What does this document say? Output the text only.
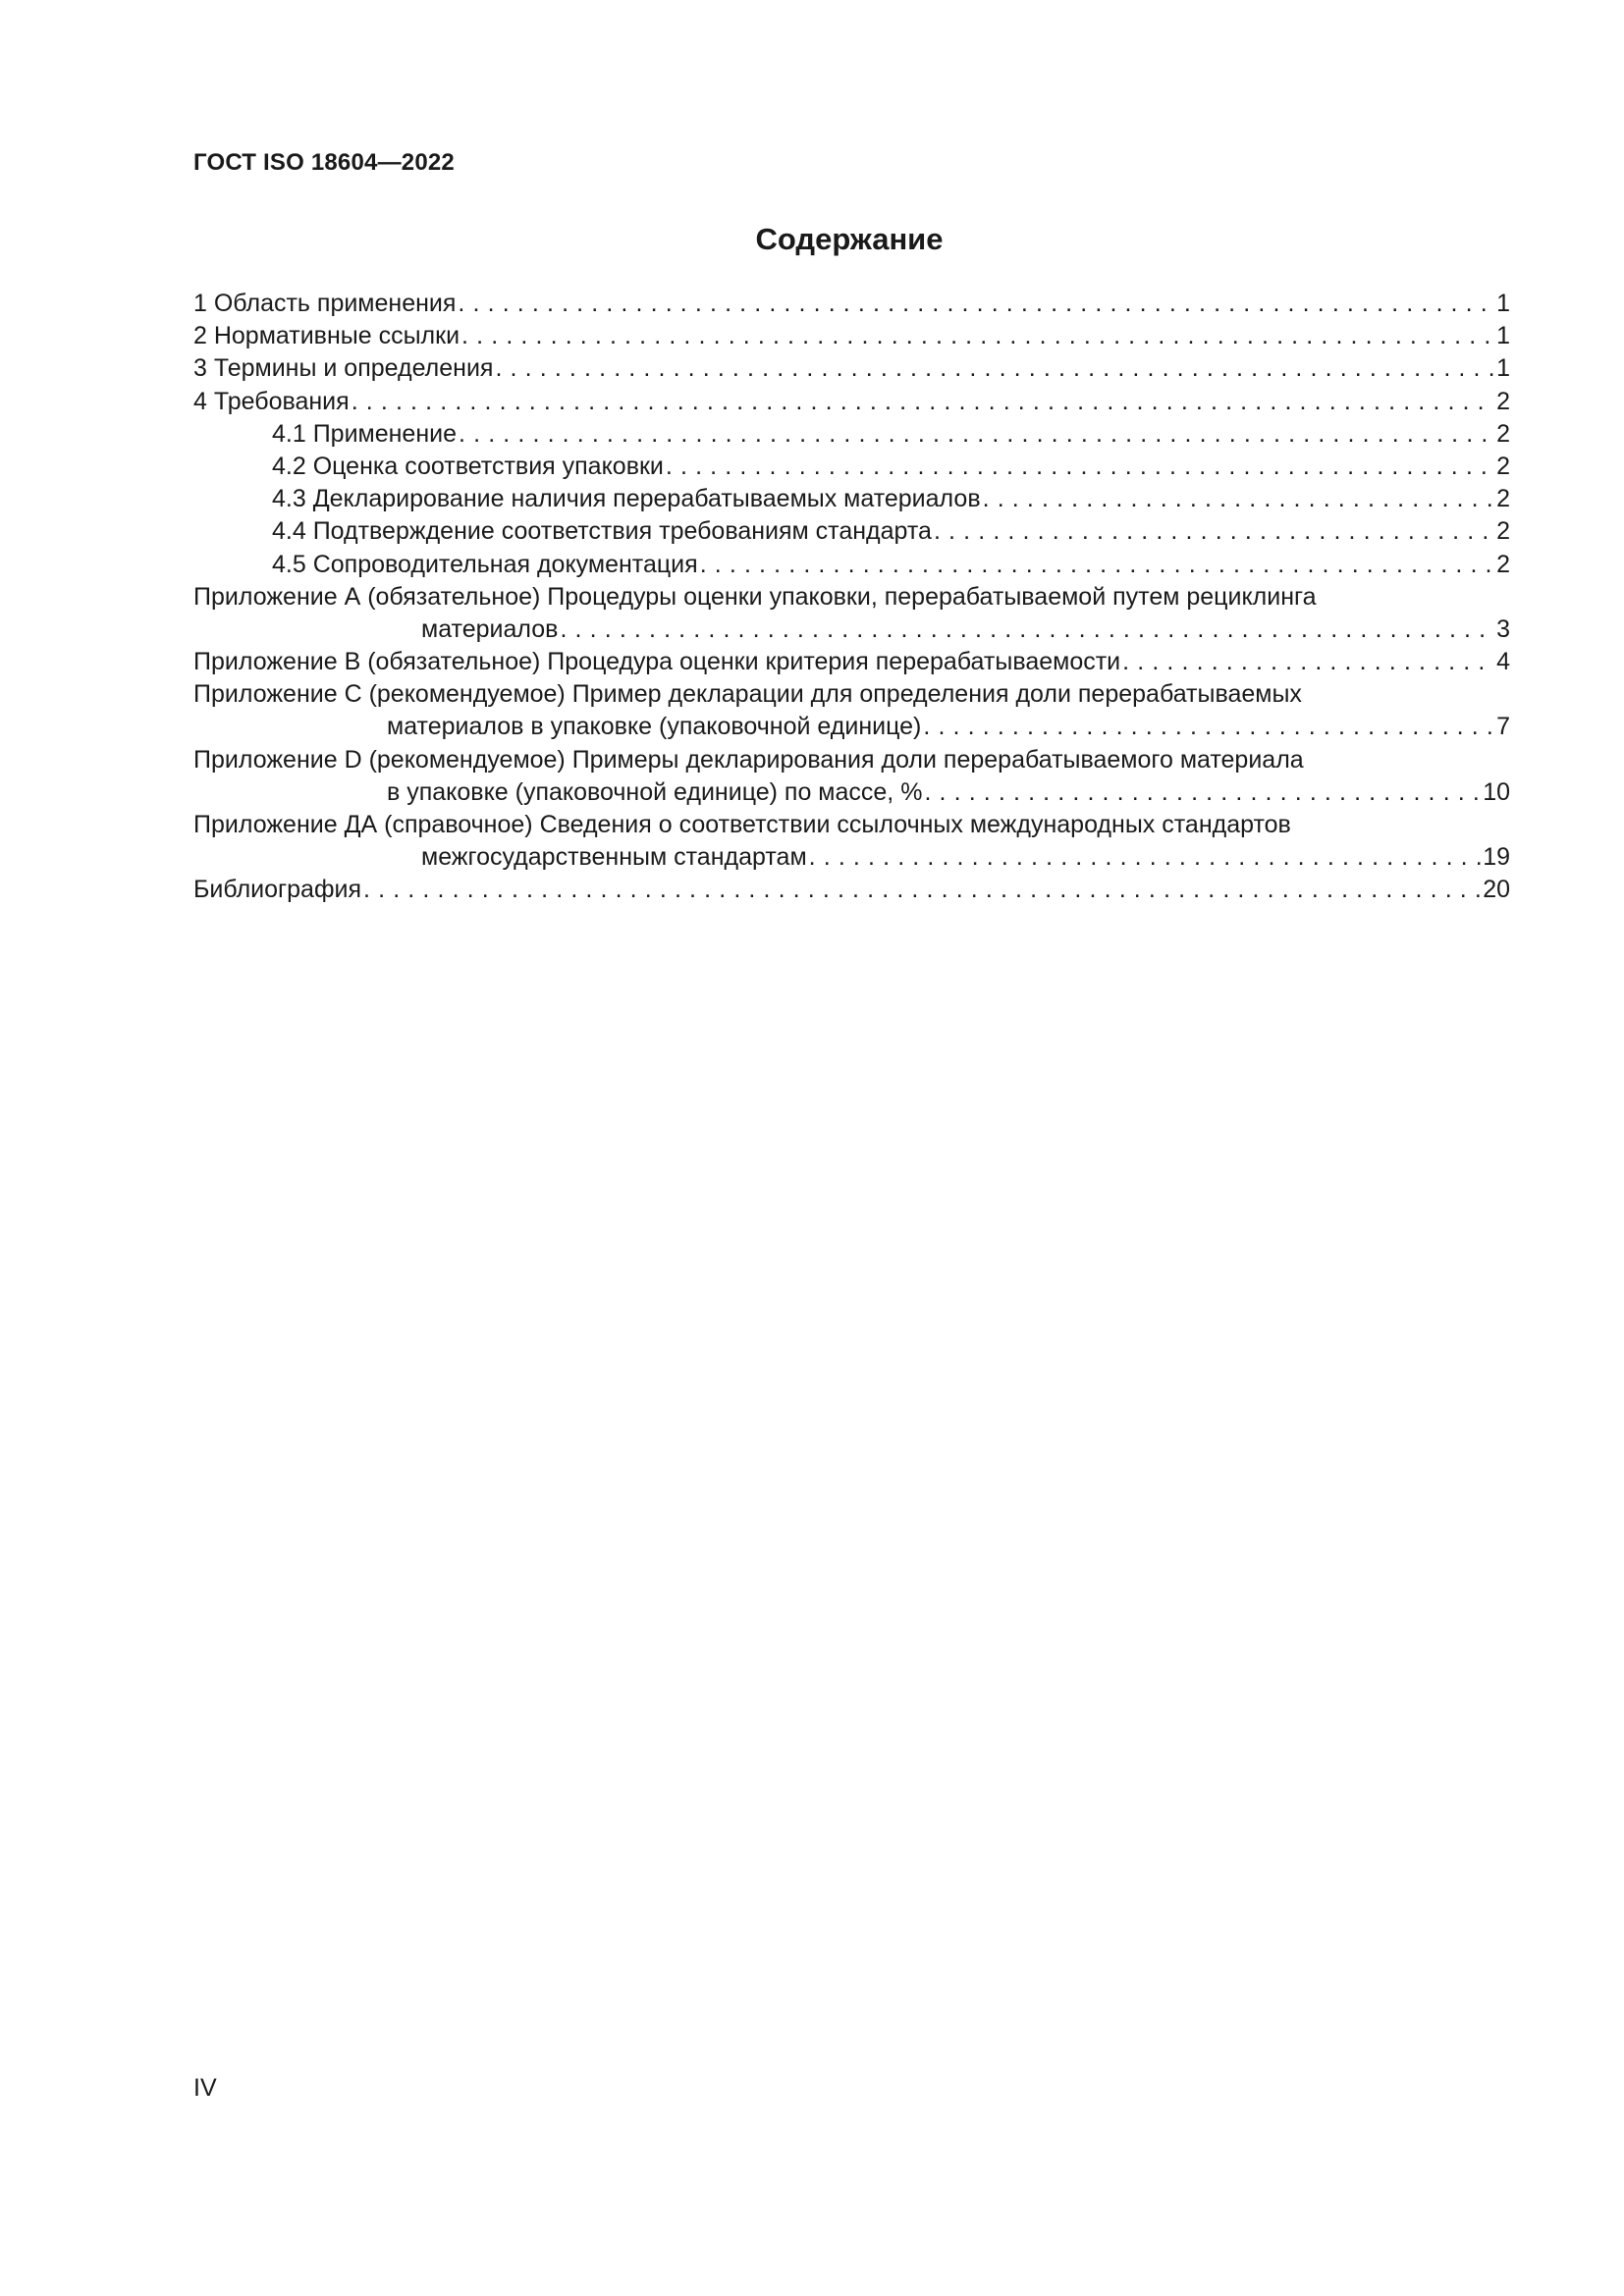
ГОСТ ISO 18604—2022
Содержание
1 Область применения . . .	1
2 Нормативные ссылки . . .	1
3 Термины и определения . . .	1
4 Требования . . .	2
4.1 Применение . . .	2
4.2 Оценка соответствия упаковки . . .	2
4.3 Декларирование наличия перерабатываемых материалов . . .	2
4.4 Подтверждение соответствия требованиям стандарта . . .	2
4.5 Сопроводительная документация . . .	2
Приложение А (обязательное) Процедуры оценки упаковки, перерабатываемой путем рециклинга
материалов . . .	3
Приложение В (обязательное) Процедура оценки критерия перерабатываемости . . .	4
Приложение С (рекомендуемое) Пример декларации для определения доли перерабатываемых
материалов в упаковке (упаковочной единице) . . .	7
Приложение D (рекомендуемое) Примеры декларирования доли перерабатываемого материала
в упаковке (упаковочной единице) по массе, % . . .	10
Приложение ДА (справочное) Сведения о соответствии ссылочных международных стандартов
межгосударственным стандартам . . .	19
Библиография . . .	20
IV
